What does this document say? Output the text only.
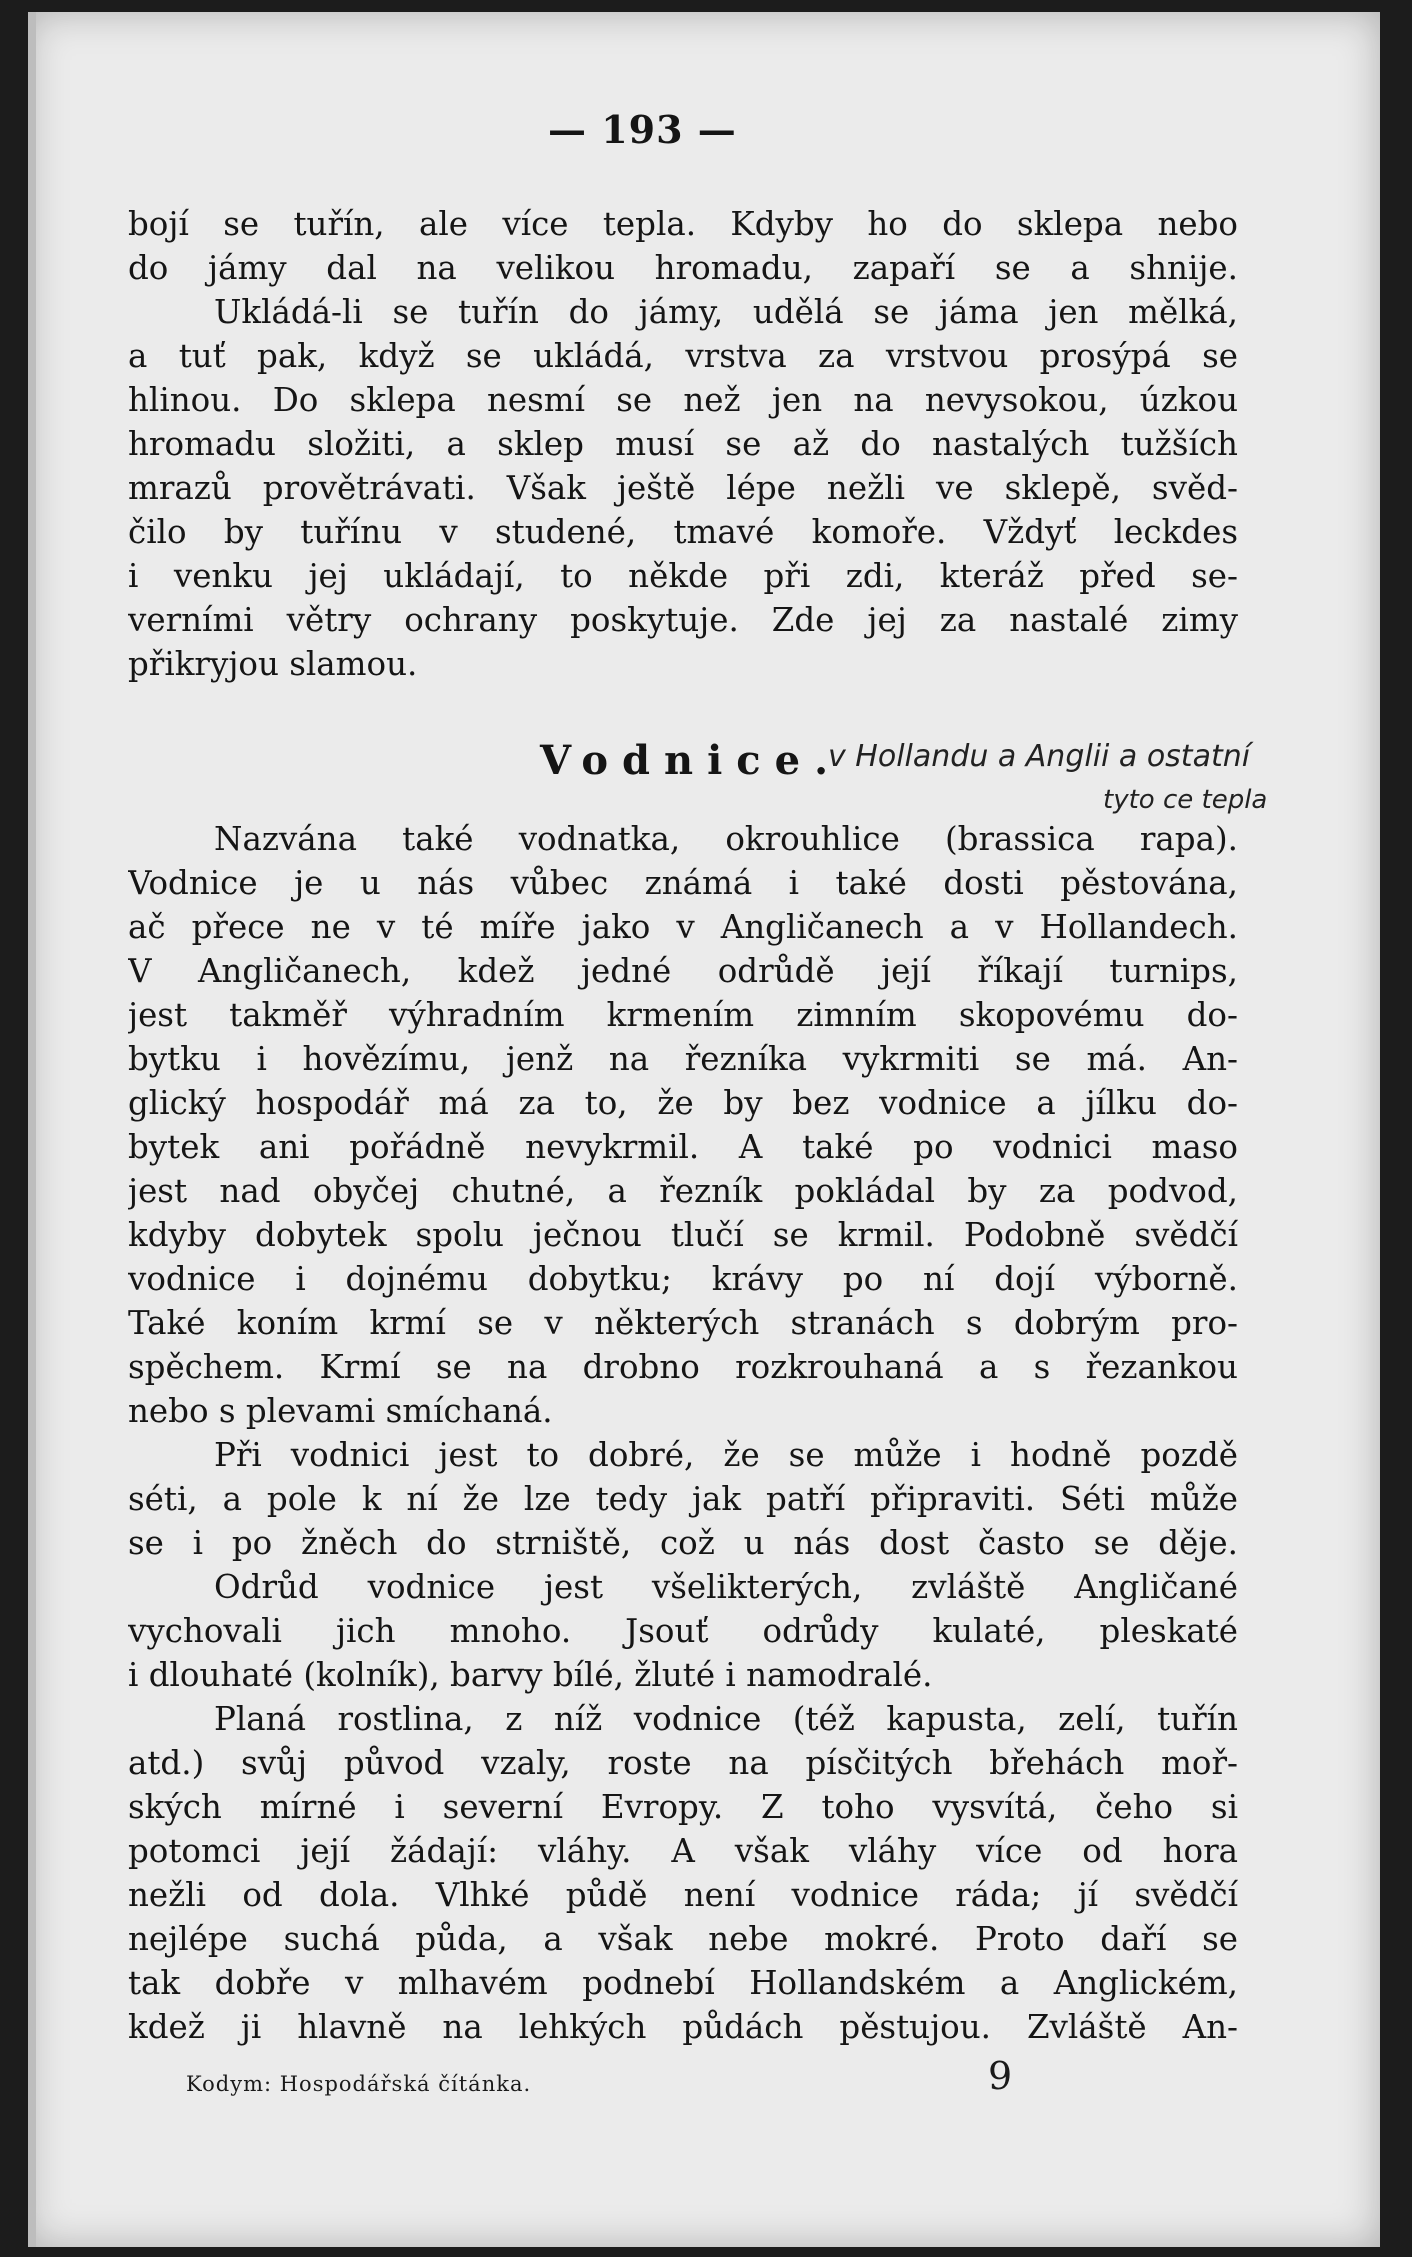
— 193 —
bojí se tuřín, ale více tepla. Kdyby ho do sklepa nebo
do jámy dal na velikou hromadu, zapaří se a shnije.
Ukládá-li se tuřín do jámy, udělá se jáma jen mělká,
a tuť pak, když se ukládá, vrstva za vrstvou prosýpá se
hlinou. Do sklepa nesmí se než jen na nevysokou, úzkou
hromadu složiti, a sklep musí se až do nastalých tužších
mrazů provětrávati. Však ještě lépe nežli ve sklepě, svěd-
čilo by tuřínu v studené, tmavé komoře. Vždyť leckdes
i venku jej ukládají, to někde při zdi, kteráž před se-
verními větry ochrany poskytuje. Zde jej za nastalé zimy
přikryjou slamou.
Vodnice.
v Hollandu a Anglii a ostatní
tyto ce tepla
Nazvána také vodnatka, okrouhlice (brassica rapa).
Vodnice je u nás vůbec známá i také dosti pěstována,
ač přece ne v té míře jako v Angličanech a v Hollandech.
V Angličanech, kdež jedné odrůdě její říkají turnips,
jest takměř výhradním krmením zimním skopovému do-
bytku i hovězímu, jenž na řezníka vykrmiti se má. An-
glický hospodář má za to, že by bez vodnice a jílku do-
bytek ani pořádně nevykrmil. A také po vodnici maso
jest nad obyčej chutné, a řezník pokládal by za podvod,
kdyby dobytek spolu ječnou tlučí se krmil. Podobně svědčí
vodnice i dojnému dobytku; krávy po ní dojí výborně.
Také koním krmí se v některých stranách s dobrým pro-
spěchem. Krmí se na drobno rozkrouhaná a s řezankou
nebo s plevami smíchaná.
Při vodnici jest to dobré, že se může i hodně pozdě
séti, a pole k ní že lze tedy jak patří připraviti. Séti může
se i po žněch do strniště, což u nás dost často se děje.
Odrůd vodnice jest všelikterých, zvláště Angličané
vychovali jich mnoho. Jsouť odrůdy kulaté, pleskaté
i dlouhaté (kolník), barvy bílé, žluté i namodralé.
Planá rostlina, z níž vodnice (též kapusta, zelí, tuřín
atd.) svůj původ vzaly, roste na písčitých břehách moř-
ských mírné i severní Evropy. Z toho vysvítá, čeho si
potomci její žádají: vláhy. A však vláhy více od hora
nežli od dola. Vlhké půdě není vodnice ráda; jí svědčí
nejlépe suchá půda, a však nebe mokré. Proto daří se
tak dobře v mlhavém podnebí Hollandském a Anglickém,
kdež ji hlavně na lehkých půdách pěstujou. Zvláště An-
Kodym: Hospodářská čítánka.	9
